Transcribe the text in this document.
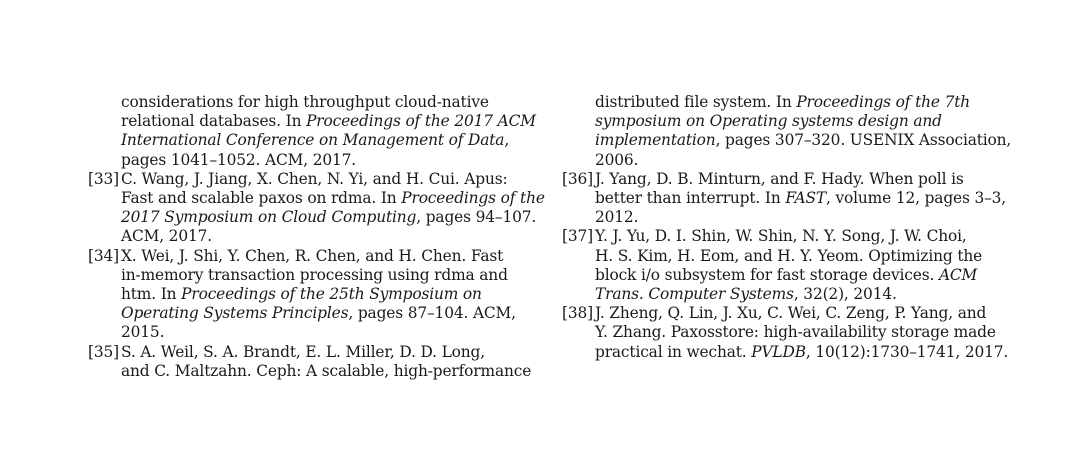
considerations for high throughput cloud-native
relational databases. In Proceedings of the 2017 ACM
International Conference on Management of Data,
pages 1041–1052. ACM, 2017.
[33] C. Wang, J. Jiang, X. Chen, N. Yi, and H. Cui. Apus:
Fast and scalable paxos on rdma. In Proceedings of the
2017 Symposium on Cloud Computing, pages 94–107.
ACM, 2017.
[34] X. Wei, J. Shi, Y. Chen, R. Chen, and H. Chen. Fast
in-memory transaction processing using rdma and
htm. In Proceedings of the 25th Symposium on
Operating Systems Principles, pages 87–104. ACM,
2015.
[35] S. A. Weil, S. A. Brandt, E. L. Miller, D. D. Long,
and C. Maltzahn. Ceph: A scalable, high-performance
distributed file system. In Proceedings of the 7th
symposium on Operating systems design and
implementation, pages 307–320. USENIX Association,
2006.
[36] J. Yang, D. B. Minturn, and F. Hady. When poll is
better than interrupt. In FAST, volume 12, pages 3–3,
2012.
[37] Y. J. Yu, D. I. Shin, W. Shin, N. Y. Song, J. W. Choi,
H. S. Kim, H. Eom, and H. Y. Yeom. Optimizing the
block i/o subsystem for fast storage devices. ACM
Trans. Computer Systems, 32(2), 2014.
[38] J. Zheng, Q. Lin, J. Xu, C. Wei, C. Zeng, P. Yang, and
Y. Zhang. Paxosstore: high-availability storage made
practical in wechat. PVLDB, 10(12):1730–1741, 2017.
